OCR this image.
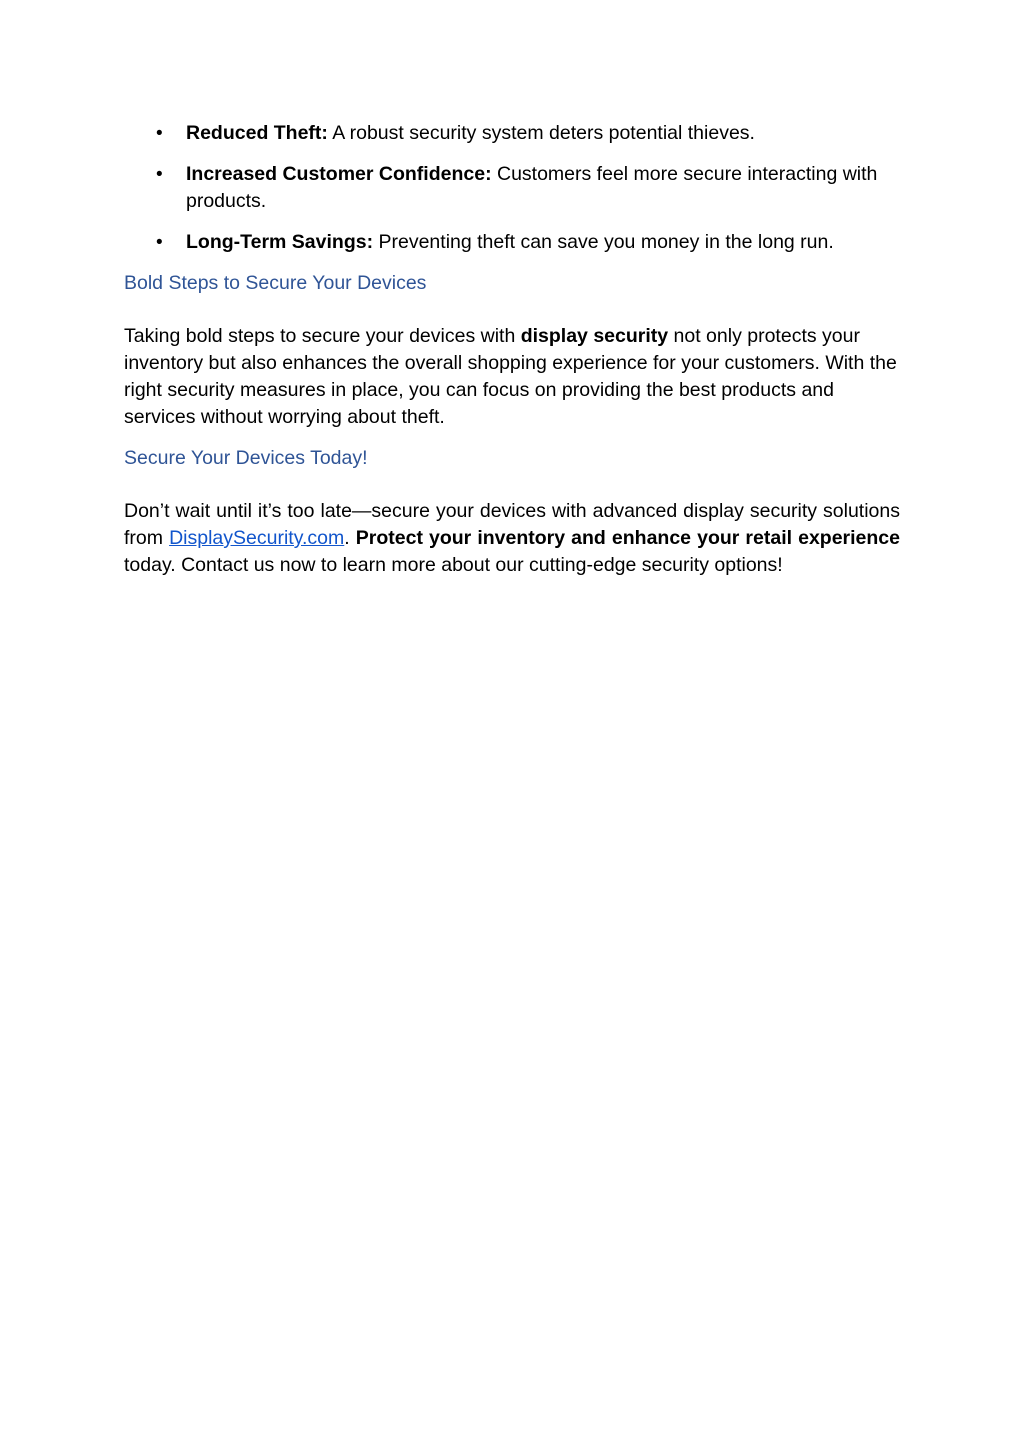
• Reduced Theft: A robust security system deters potential thieves.
• Increased Customer Confidence: Customers feel more secure interacting with products.
• Long-Term Savings: Preventing theft can save you money in the long run.
Bold Steps to Secure Your Devices

Taking bold steps to secure your devices with display security not only protects your inventory but also enhances the overall shopping experience for your customers. With the right security measures in place, you can focus on providing the best products and services without worrying about theft.

Secure Your Devices Today!

Don’t wait until it’s too late—secure your devices with advanced display security solutions from DisplaySecurity.com. Protect your inventory and enhance your retail experience today. Contact us now to learn more about our cutting-edge security options!
